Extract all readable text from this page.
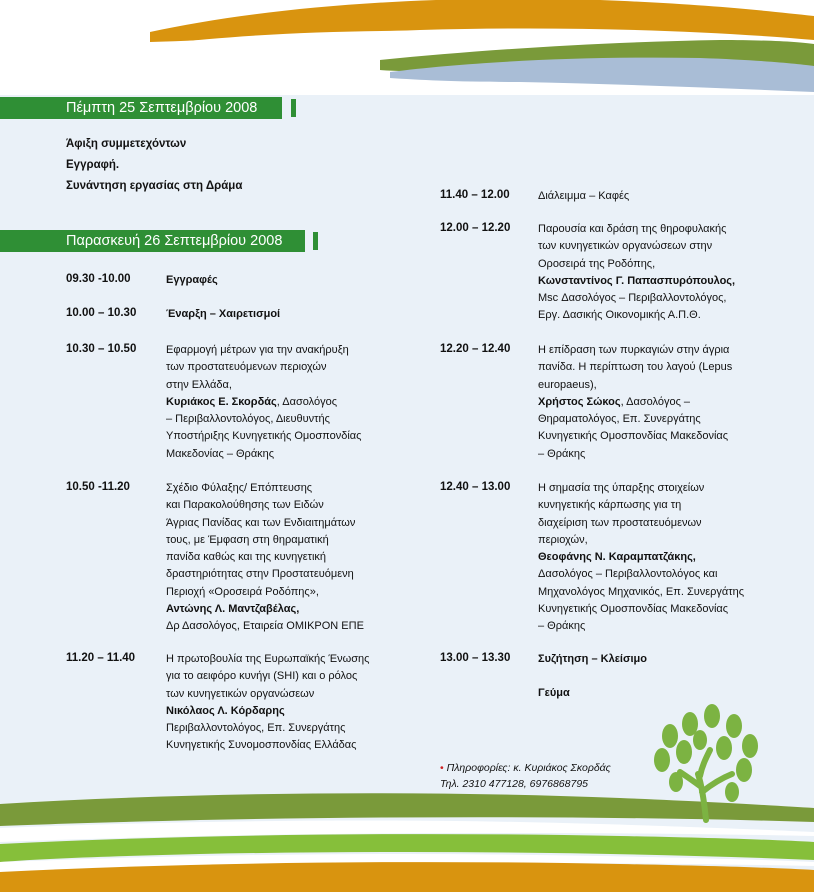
Πέμπτη 25 Σεπτεμβρίου 2008
Άφιξη συμμετεχόντων
Εγγραφή.
Συνάντηση εργασίας στη Δράμα
Παρασκευή 26 Σεπτεμβρίου 2008
09.30 -10.00	Εγγραφές
10.00 – 10.30	Έναρξη – Χαιρετισμοί
10.30 – 10.50	Εφαρμογή μέτρων για την ανακήρυξη
των προστατευόμενων περιοχών
στην Ελλάδα,
Κυριάκος Ε. Σκορδάς, Δασολόγος
– Περιβαλλοντολόγος, Διευθυντής
Υποστήριξης Κυνηγετικής Ομοσπονδίας
Μακεδονίας – Θράκης
10.50 -11.20	Σχέδιο Φύλαξης/ Επόπτευσης
και Παρακολούθησης των Ειδών
Άγριας Πανίδας και των Ενδιαιτημάτων
τους, με Έμφαση στη θηραματική
πανίδα καθώς και της κυνηγετική
δραστηριότητας στην Προστατευόμενη
Περιοχή «Οροσειρά Ροδόπης»,
Αντώνης Λ. Μαντζαβέλας,
Δρ Δασολόγος, Εταιρεία ΟΜΙΚΡΟΝ ΕΠΕ
11.20 – 11.40	Η πρωτοβουλία της Ευρωπαϊκής Ένωσης
για το αειφόρο κυνήγι (SHI) και ο ρόλος
των κυνηγετικών οργανώσεων
Νικόλαος Λ. Κόρδαρης
Περιβαλλοντολόγος, Επ. Συνεργάτης
Κυνηγετικής Συνομοσπονδίας Ελλάδας
11.40 – 12.00	Διάλειμμα – Καφές
12.00 – 12.20	Παρουσία και δράση της θηροφυλακής
των κυνηγετικών οργανώσεων στην
Οροσειρά της Ροδόπης,
Κωνσταντίνος Γ. Παπασπυρόπουλος,
Msc Δασολόγος – Περιβαλλοντολόγος,
Εργ. Δασικής Οικονομικής Α.Π.Θ.
12.20 – 12.40	Η επίδραση των πυρκαγιών στην άγρια
πανίδα. Η περίπτωση του λαγού (Lepus
europaeus),
Χρήστος Σώκος, Δασολόγος –
Θηραματολόγος, Επ. Συνεργάτης
Κυνηγετικής Ομοσπονδίας Μακεδονίας
– Θράκης
12.40 – 13.00	Η σημασία της ύπαρξης στοιχείων
κυνηγετικής κάρπωσης για τη
διαχείριση των προστατευόμενων
περιοχών,
Θεοφάνης Ν. Καραμπατζάκης,
Δασολόγος – Περιβαλλοντολόγος και
Μηχανολόγος Μηχανικός, Επ. Συνεργάτης
Κυνηγετικής Ομοσπονδίας Μακεδονίας
– Θράκης
13.00 – 13.30	Συζήτηση – Κλείσιμο
Γεύμα
• Πληροφορίες: κ. Κυριάκος Σκορδάς
Τηλ. 2310 477128, 6976868795
